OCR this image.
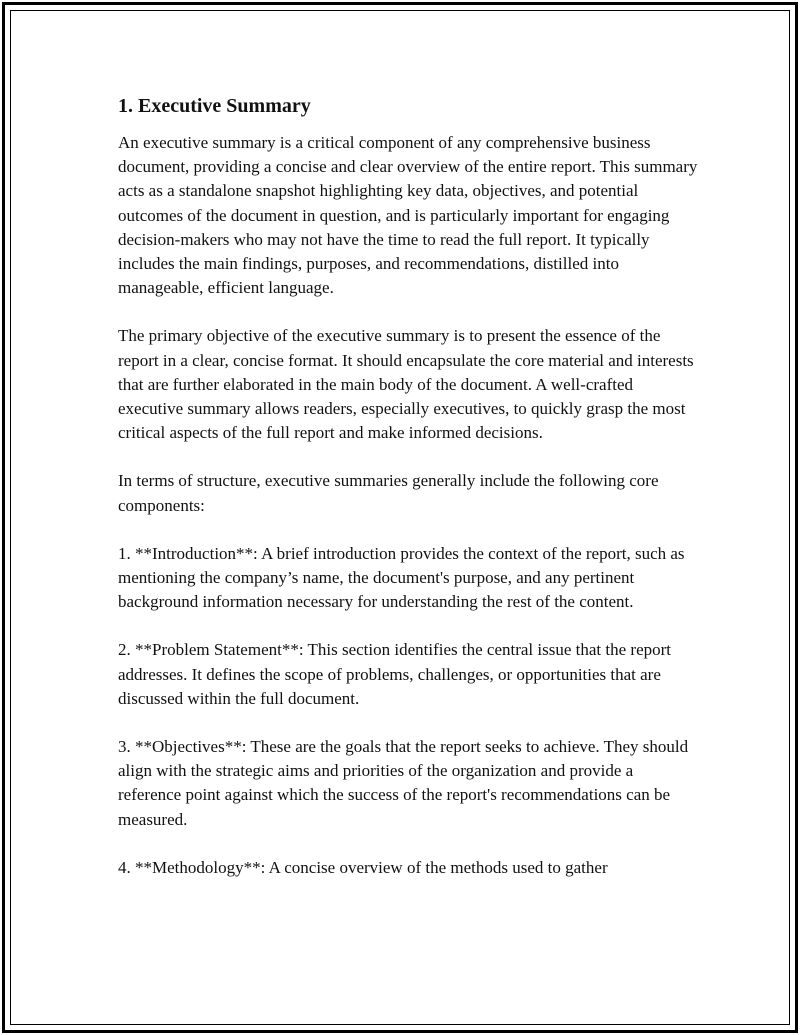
1. Executive Summary

An executive summary is a critical component of any comprehensive business document, providing a concise and clear overview of the entire report. This summary acts as a standalone snapshot highlighting key data, objectives, and potential outcomes of the document in question, and is particularly important for engaging decision-makers who may not have the time to read the full report. It typically includes the main findings, purposes, and recommendations, distilled into manageable, efficient language.

The primary objective of the executive summary is to present the essence of the report in a clear, concise format. It should encapsulate the core material and interests that are further elaborated in the main body of the document. A well-crafted executive summary allows readers, especially executives, to quickly grasp the most critical aspects of the full report and make informed decisions.

In terms of structure, executive summaries generally include the following core components:

1. **Introduction**: A brief introduction provides the context of the report, such as mentioning the company’s name, the document's purpose, and any pertinent background information necessary for understanding the rest of the content.

2. **Problem Statement**: This section identifies the central issue that the report addresses. It defines the scope of problems, challenges, or opportunities that are discussed within the full document.

3. **Objectives**: These are the goals that the report seeks to achieve. They should align with the strategic aims and priorities of the organization and provide a reference point against which the success of the report's recommendations can be measured.

4. **Methodology**: A concise overview of the methods used to gather
